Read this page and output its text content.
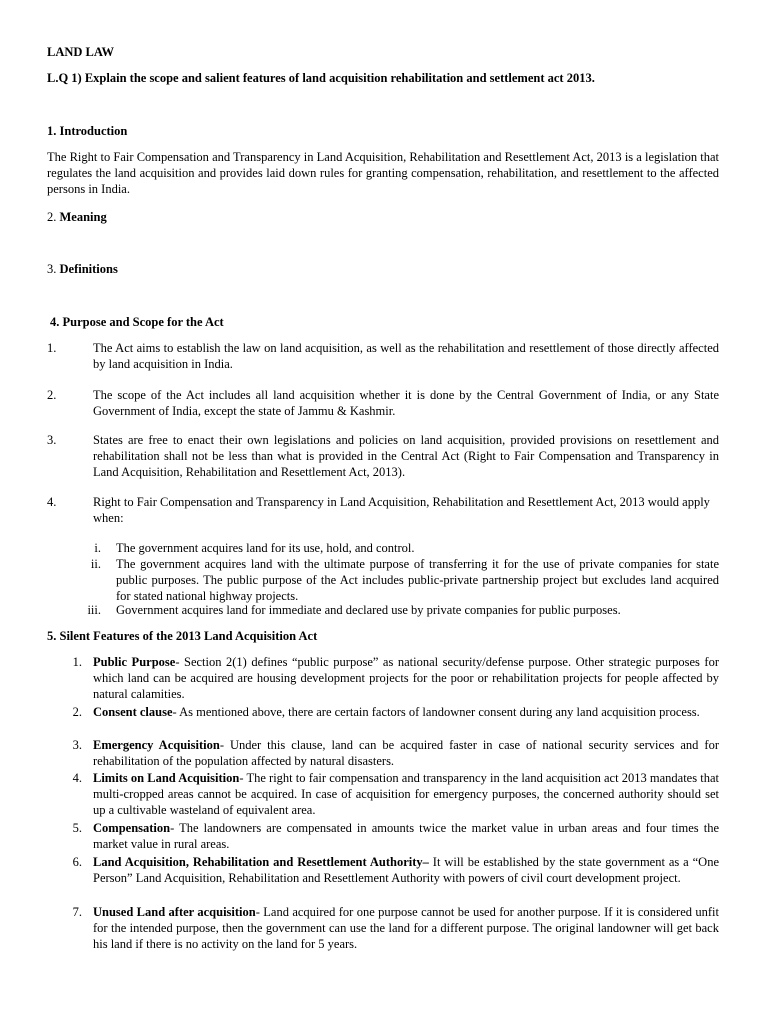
LAND LAW
L.Q 1) Explain the scope and salient features of land acquisition rehabilitation and settlement act 2013.
1. Introduction
The Right to Fair Compensation and Transparency in Land Acquisition, Rehabilitation and Resettlement Act, 2013 is a legislation that regulates the land acquisition and provides laid down rules for granting compensation, rehabilitation, and resettlement to the affected persons in India.
2. Meaning
3. Definitions
4. Purpose and Scope for the Act
1.	The Act aims to establish the law on land acquisition, as well as the rehabilitation and resettlement of those directly affected by land acquisition in India.
2.	The scope of the Act includes all land acquisition whether it is done by the Central Government of India, or any State Government of India, except the state of Jammu & Kashmir.
3.	States are free to enact their own legislations and policies on land acquisition, provided provisions on resettlement and rehabilitation shall not be less than what is provided in the Central Act (Right to Fair Compensation and Transparency in Land Acquisition, Rehabilitation and Resettlement Act, 2013).
4.	Right to Fair Compensation and Transparency in Land Acquisition, Rehabilitation and Resettlement Act, 2013 would apply when:
i. The government acquires land for its use, hold, and control.
ii. The government acquires land with the ultimate purpose of transferring it for the use of private companies for state public purposes. The public purpose of the Act includes public-private partnership project but excludes land acquired for stated national highway projects.
iii. Government acquires land for immediate and declared use by private companies for public purposes.
5. Silent Features of the 2013 Land Acquisition Act
1. Public Purpose- Section 2(1) defines “public purpose” as national security/defense purpose. Other strategic purposes for which land can be acquired are housing development projects for the poor or rehabilitation projects for people affected by natural calamities.
2. Consent clause- As mentioned above, there are certain factors of landowner consent during any land acquisition process.
3. Emergency Acquisition- Under this clause, land can be acquired faster in case of national security services and for rehabilitation of the population affected by natural disasters.
4. Limits on Land Acquisition- The right to fair compensation and transparency in the land acquisition act 2013 mandates that multi-cropped areas cannot be acquired. In case of acquisition for emergency purposes, the concerned authority should set up a cultivable wasteland of equivalent area.
5. Compensation- The landowners are compensated in amounts twice the market value in urban areas and four times the market value in rural areas.
6. Land Acquisition, Rehabilitation and Resettlement Authority– It will be established by the state government as a “One Person” Land Acquisition, Rehabilitation and Resettlement Authority with powers of civil court development project.
7. Unused Land after acquisition- Land acquired for one purpose cannot be used for another purpose. If it is considered unfit for the intended purpose, then the government can use the land for a different purpose. The original landowner will get back his land if there is no activity on the land for 5 years.
